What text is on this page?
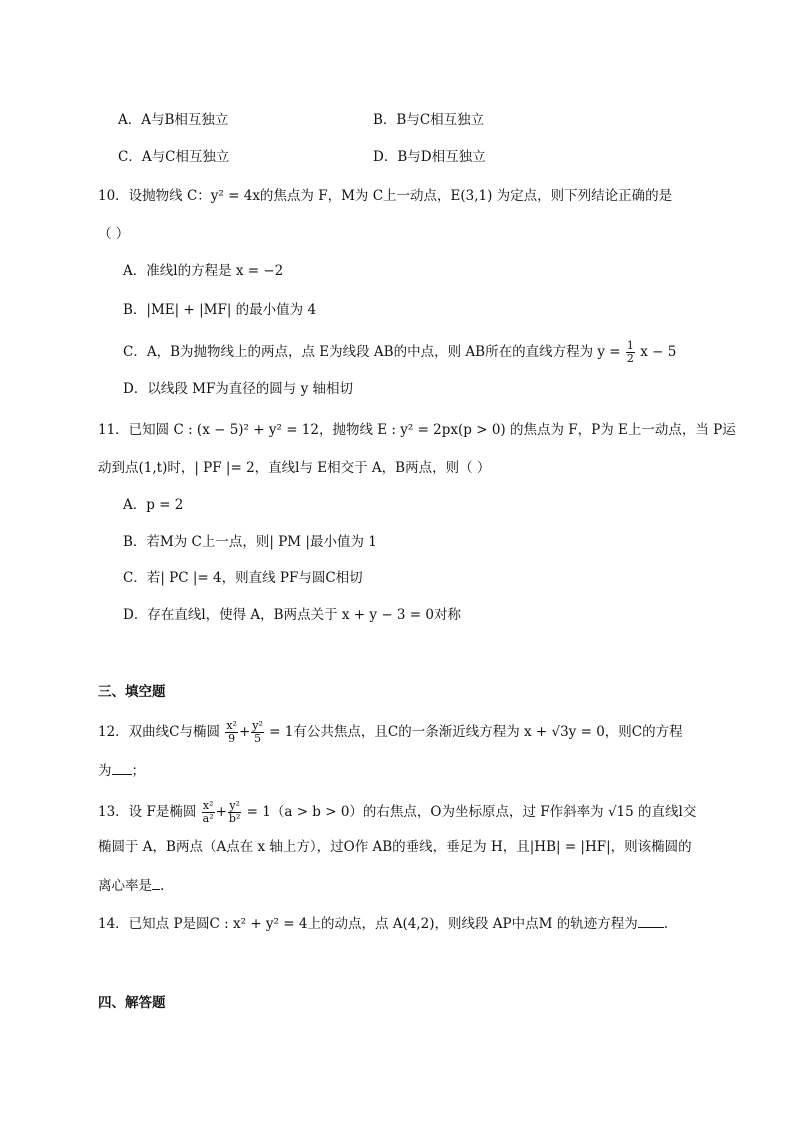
A．A与B相互独立	B．B与C相互独立
C．A与C相互独立	D．B与D相互独立
10．设抛物线 C：y² = 4x的焦点为 F，M为 C上一动点，E(3,1) 为定点，则下列结论正确的是
（ ）
A．准线l的方程是 x = −2
B．|ME| + |MF| 的最小值为 4
C．A，B为抛物线上的两点，点 E为线段 AB的中点，则 AB所在的直线方程为 $y = \frac{1}{2}$ x − 5
D．以线段 MF为直径的圆与 y 轴相切
11．已知圆 C : (x − 5)² + y² = 12，抛物线 E : y² = 2px(p > 0) 的焦点为 F，P为 E上一动点，当 P运
动到点(1,t)时，| PF |= 2，直线l与 E相交于 A，B两点，则（ ）
A．p = 2
B．若M为 C上一点，则| PM |最小值为 1
C．若| PC |= 4，则直线 PF与圆C相切
D．存在直线l，使得 A，B两点关于 x + y − 3 = 0对称
三、填空题
12．双曲线C与椭圆 $\frac{\text{x²}}{9} + \frac{\text{y²}}{5} = 1$有公共焦点，且C的一条渐近线方程为 x + √3y = 0，则C的方程
为 ；
13．设 F是椭圆 $\frac{\text{x²}}{\text{a²}} + \frac{\text{y²}}{\text{b²}} = 1(a > b > 0)$的右焦点，O为坐标原点，过 F作斜率为 √15 的直线l交
椭圆于 A，B两点（A点在 x 轴上方），过O作 AB的垂线，垂足为 H，且|HB| = |HF|，则该椭圆的
离心率是 .
14．已知点 P是圆C : x² + y² = 4上的动点，点 A(4,2)，则线段 AP中点M 的轨迹方程为 .
四、解答题
